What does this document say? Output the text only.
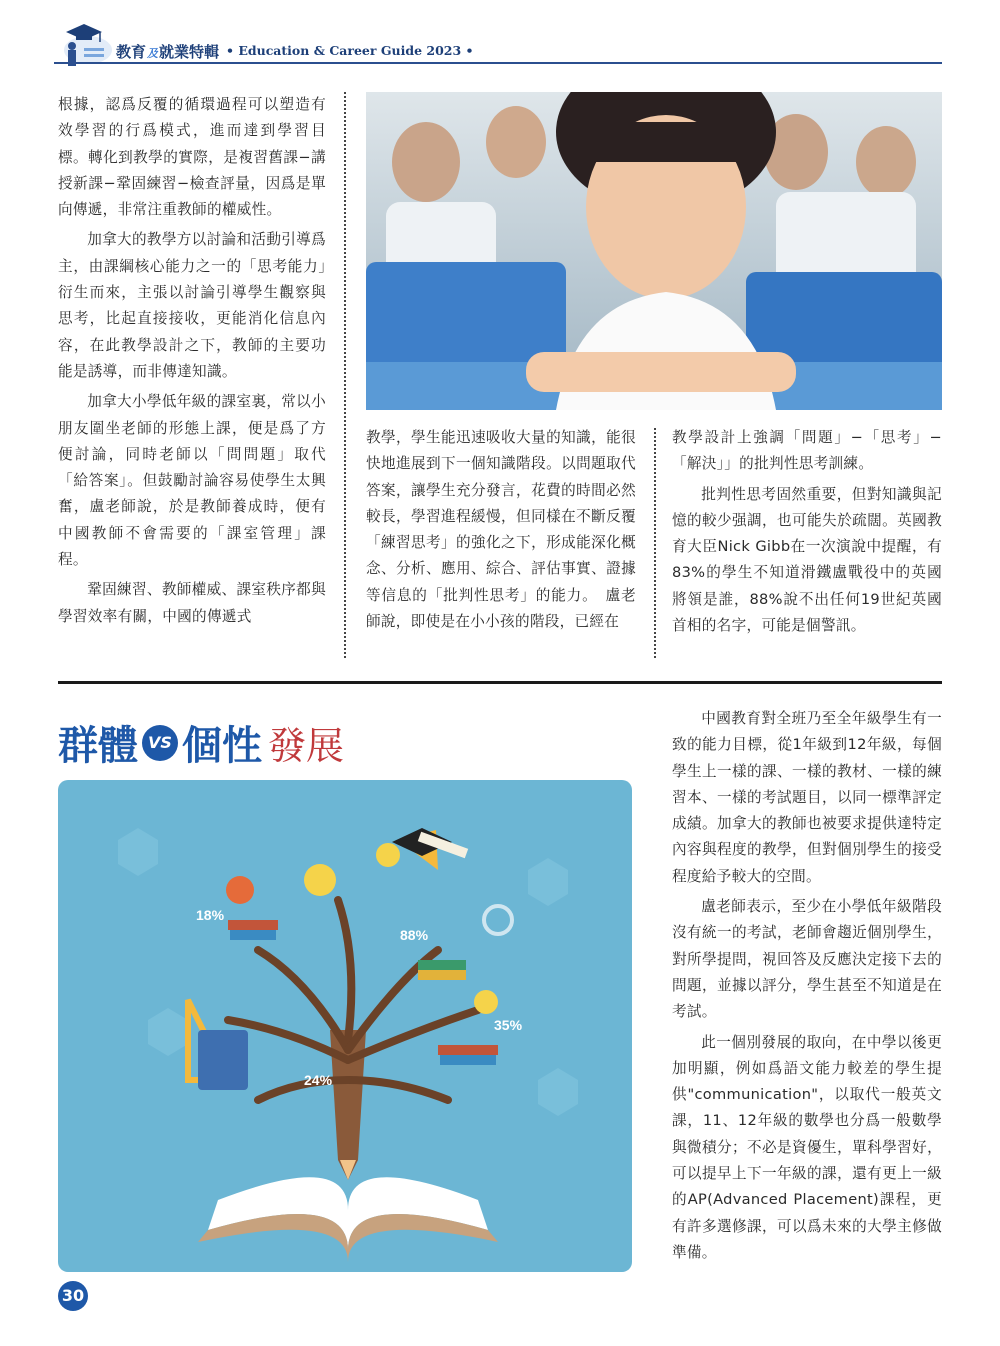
教育及就業特輯 • Education & Career Guide 2023 •

根據，認爲反覆的循環過程可以塑造有效學習的行爲模式，進而達到學習目標。轉化到教學的實際，是複習舊課−講授新課−鞏固練習−檢查評量，因爲是單向傳遞，非常注重教師的權威性。

加拿大的教學方以討論和活動引導爲主，由課綱核心能力之一的「思考能力」衍生而來，主張以討論引導學生觀察與思考，比起直接接收，更能消化信息內容，在此教學設計之下，教師的主要功能是誘導，而非傳達知識。

加拿大小學低年級的課室裏，常以小朋友圍坐老師的形態上課，便是爲了方便討論，同時老師以「問問題」取代「給答案」。但鼓勵討論容易使學生太興奮，盧老師說，於是教師養成時，便有中國教師不會需要的「課室管理」課程。

鞏固練習、教師權威、課室秩序都與學習效率有關，中國的傳遞式

教學，學生能迅速吸收大量的知識，能很快地進展到下一個知識階段。以問題取代答案，讓學生充分發言，花費的時間必然較長，學習進程緩慢，但同樣在不斷反覆「練習思考」的強化之下，形成能深化概念、分析、應用、綜合、評估事實、證據等信息的「批判性思考」的能力。　盧老師說，即使是在小小孩的階段，已經在

教學設計上強調「問題」−「思考」−「解決」」的批判性思考訓練。

批判性思考固然重要，但對知識與記憶的較少强調，也可能失於疏闊。英國教育大臣Nick Gibb在一次演說中提醒，有83%的學生不知道滑鐵盧戰役中的英國將領是誰，88%說不出任何19世紀英國首相的名字，可能是個警訊。

群體 VS 個性 發展
18%
88%
35%
24%

中國教育對全班乃至全年級學生有一致的能力目標，從1年級到12年級，每個學生上一樣的課、一樣的教材、一樣的練習本、一樣的考試題目，以同一標準評定成績。加拿大的教師也被要求提供達特定內容與程度的教學，但對個別學生的接受程度給予較大的空間。

盧老師表示，至少在小學低年級階段沒有統一的考試，老師會趨近個別學生，對所學提問，視回答及反應決定接下去的問題，並據以評分，學生甚至不知道是在考試。

此一個別發展的取向，在中學以後更加明顯，例如爲語文能力較差的學生提供"communication"，以取代一般英文課，11、12年級的數學也分爲一般數學與微積分；不必是資優生，單科學習好，可以提早上下一年級的課，還有更上一級的AP(Advanced Placement)課程，更有許多選修課，可以爲未來的大學主修做準備。

30
